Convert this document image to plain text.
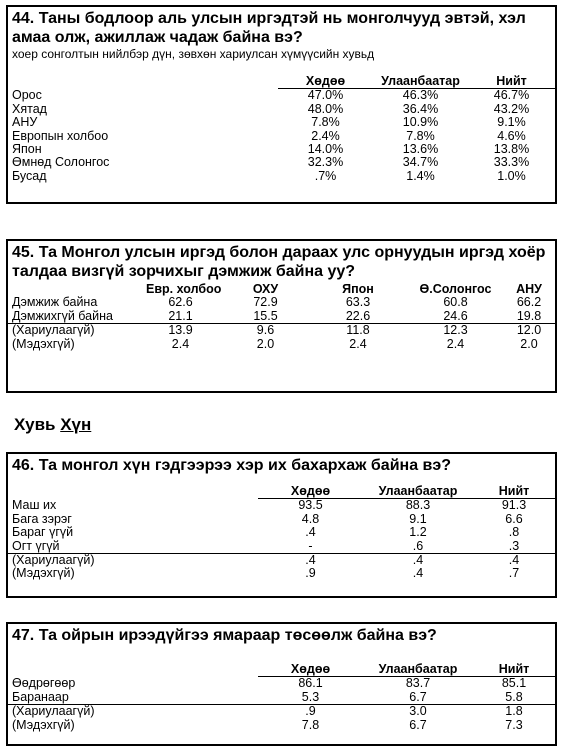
44. Таны бодлоор аль улсын иргэдтэй нь монголчууд эвтэй, хэл амаа олж, ажиллаж чадаж байна вэ?
хоер сонголтын нийлбэр дүн, зөвхөн хариулсан хүмүүсийн хувьд
	Хөдөө	Улаанбаатар	Нийт
Орос	47.0%	46.3%	46.7%
Хятад	48.0%	36.4%	43.2%
АНУ	7.8%	10.9%	9.1%
Европын холбоо	2.4%	7.8%	4.6%
Япон	14.0%	13.6%	13.8%
Өмнөд Солонгос	32.3%	34.7%	33.3%
Бусад	.7%	1.4%	1.0%
45. Та Монгол улсын иргэд болон дараах улс орнуудын иргэд хоёр талдаа визгүй зорчихыг дэмжиж байна уу?
	Евр. холбоо	ОХУ	Япон	Ө.Солонгос	АНУ
Дэмжиж байна	62.6	72.9	63.3	60.8	66.2
Дэмжихгүй байна	21.1	15.5	22.6	24.6	19.8
(Хариулаагүй)	13.9	9.6	11.8	12.3	12.0
(Мэдэхгүй)	2.4	2.0	2.4	2.4	2.0
Хувь Хүн
46. Та монгол хүн гэдгээрээ хэр их бахархаж байна вэ?
	Хөдөө	Улаанбаатар	Нийт
Маш их	93.5	88.3	91.3
Бага зэрэг	4.8	9.1	6.6
Бараг үгүй	.4	1.2	.8
Огт үгүй	-	.6	.3
(Хариулаагүй)	.4	.4	.4
(Мэдэхгүй)	.9	.4	.7
47. Та ойрын ирээдүйгээ ямараар төсөөлж байна вэ?
	Хөдөө	Улаанбаатар	Нийт
Өөдрөгөөр	86.1	83.7	85.1
Баранаар	5.3	6.7	5.8
(Хариулаагүй)	.9	3.0	1.8
(Мэдэхгүй)	7.8	6.7	7.3
